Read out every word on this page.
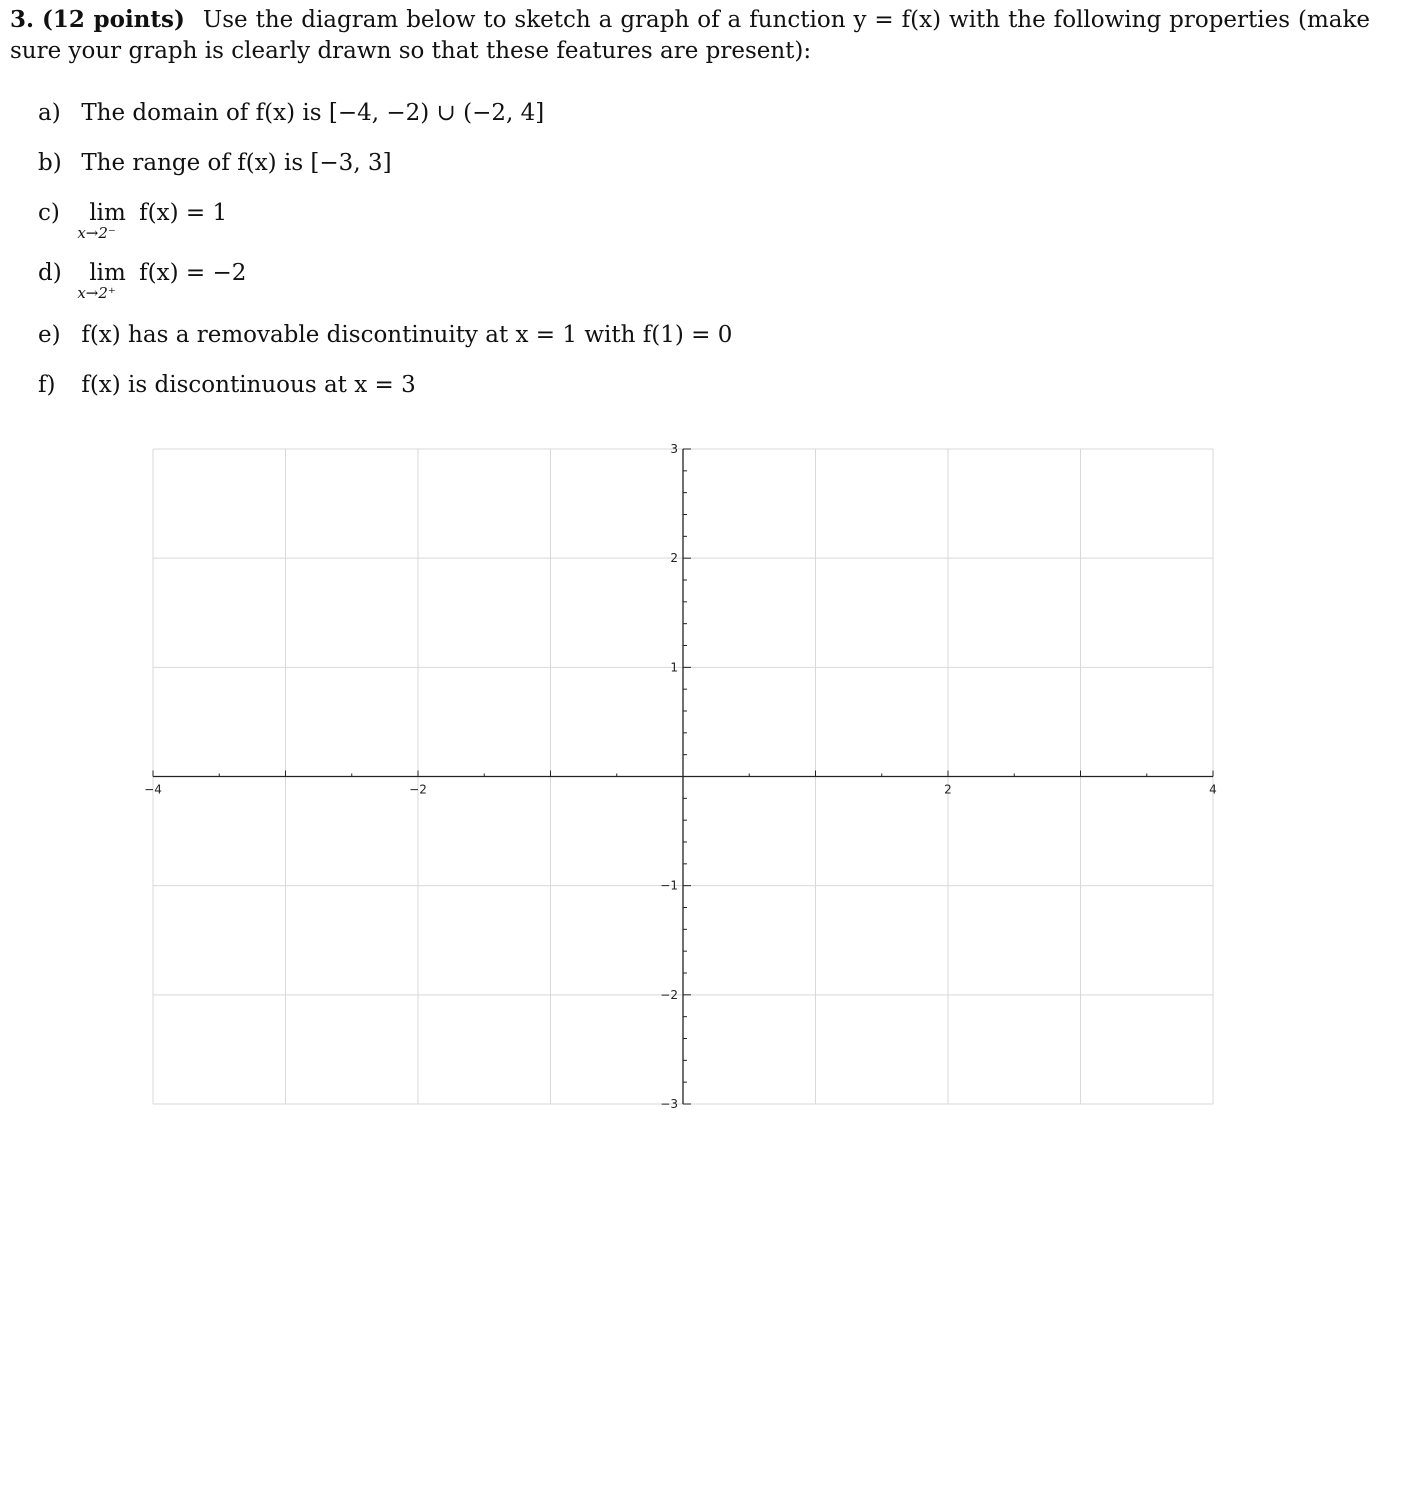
3. (12 points) Use the diagram below to sketch a graph of a function y = f(x) with the following properties (make sure your graph is clearly drawn so that these features are present):
a) The domain of f(x) is [−4, −2) ∪ (−2, 4]
b) The range of f(x) is [−3, 3]
c) lim
x→2⁻
f(x) = 1
d) lim
x→2⁺
f(x) = −2
e) f(x) has a removable discontinuity at x = 1 with f(1) = 0
f) f(x) is discontinuous at x = 3
−4	−2	2	4
3
2
1
−1
−2
−3
